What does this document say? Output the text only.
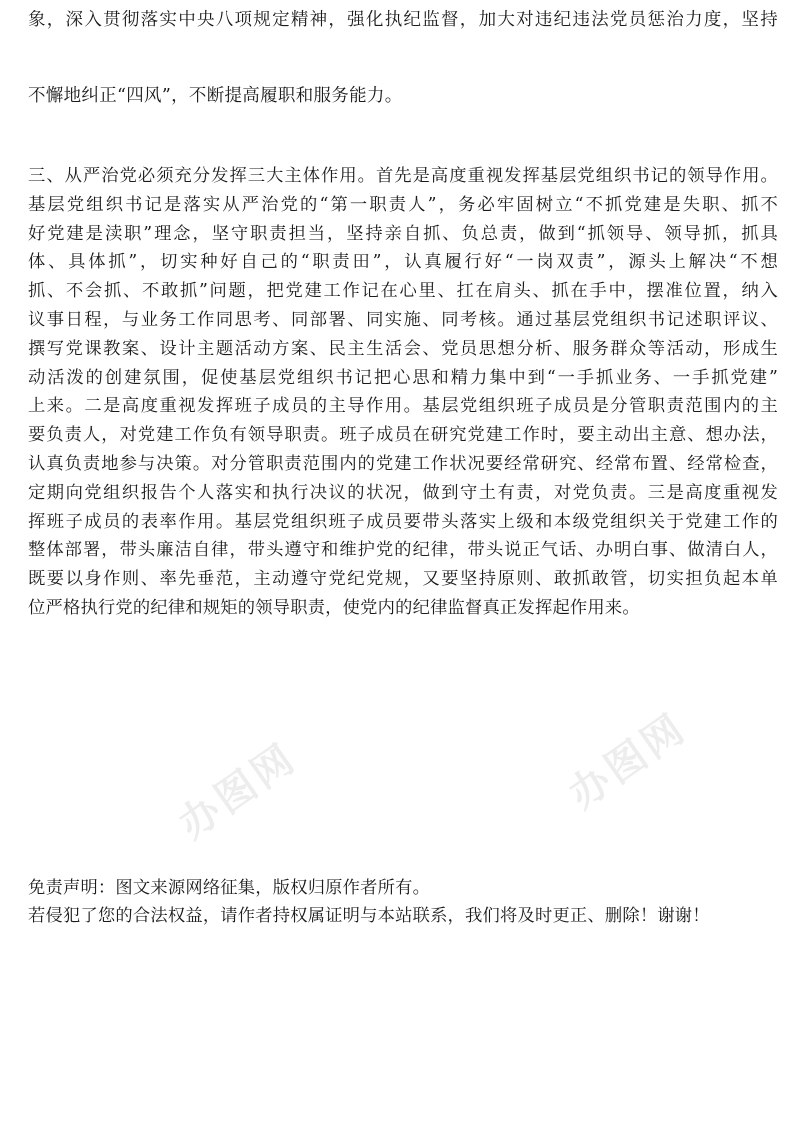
象，深入贯彻落实中央八项规定精神，强化执纪监督，加大对违纪违法党员惩治力度，坚持
不懈地纠正“四风”，不断提高履职和服务能力。
三、从严治党必须充分发挥三大主体作用。首先是高度重视发挥基层党组织书记的领导作用。
基层党组织书记是落实从严治党的“第一职责人”，务必牢固树立“不抓党建是失职、抓不
好党建是渎职”理念，坚守职责担当，坚持亲自抓、负总责，做到“抓领导、领导抓，抓具
体、具体抓”，切实种好自己的“职责田”，认真履行好“一岗双责”，源头上解决“不想
抓、不会抓、不敢抓”问题，把党建工作记在心里、扛在肩头、抓在手中，摆准位置，纳入
议事日程，与业务工作同思考、同部署、同实施、同考核。通过基层党组织书记述职评议、
撰写党课教案、设计主题活动方案、民主生活会、党员思想分析、服务群众等活动，形成生
动活泼的创建氛围，促使基层党组织书记把心思和精力集中到“一手抓业务、一手抓党建”
上来。二是高度重视发挥班子成员的主导作用。基层党组织班子成员是分管职责范围内的主
要负责人，对党建工作负有领导职责。班子成员在研究党建工作时，要主动出主意、想办法，
认真负责地参与决策。对分管职责范围内的党建工作状况要经常研究、经常布置、经常检查，
定期向党组织报告个人落实和执行决议的状况，做到守土有责，对党负责。三是高度重视发
挥班子成员的表率作用。基层党组织班子成员要带头落实上级和本级党组织关于党建工作的
整体部署，带头廉洁自律，带头遵守和维护党的纪律，带头说正气话、办明白事、做清白人，
既要以身作则、率先垂范，主动遵守党纪党规，又要坚持原则、敢抓敢管，切实担负起本单
位严格执行党的纪律和规矩的领导职责，使党内的纪律监督真正发挥起作用来。
办图网	办图网
免责声明：图文来源网络征集，版权归原作者所有。
若侵犯了您的合法权益，请作者持权属证明与本站联系，我们将及时更正、删除！谢谢！
